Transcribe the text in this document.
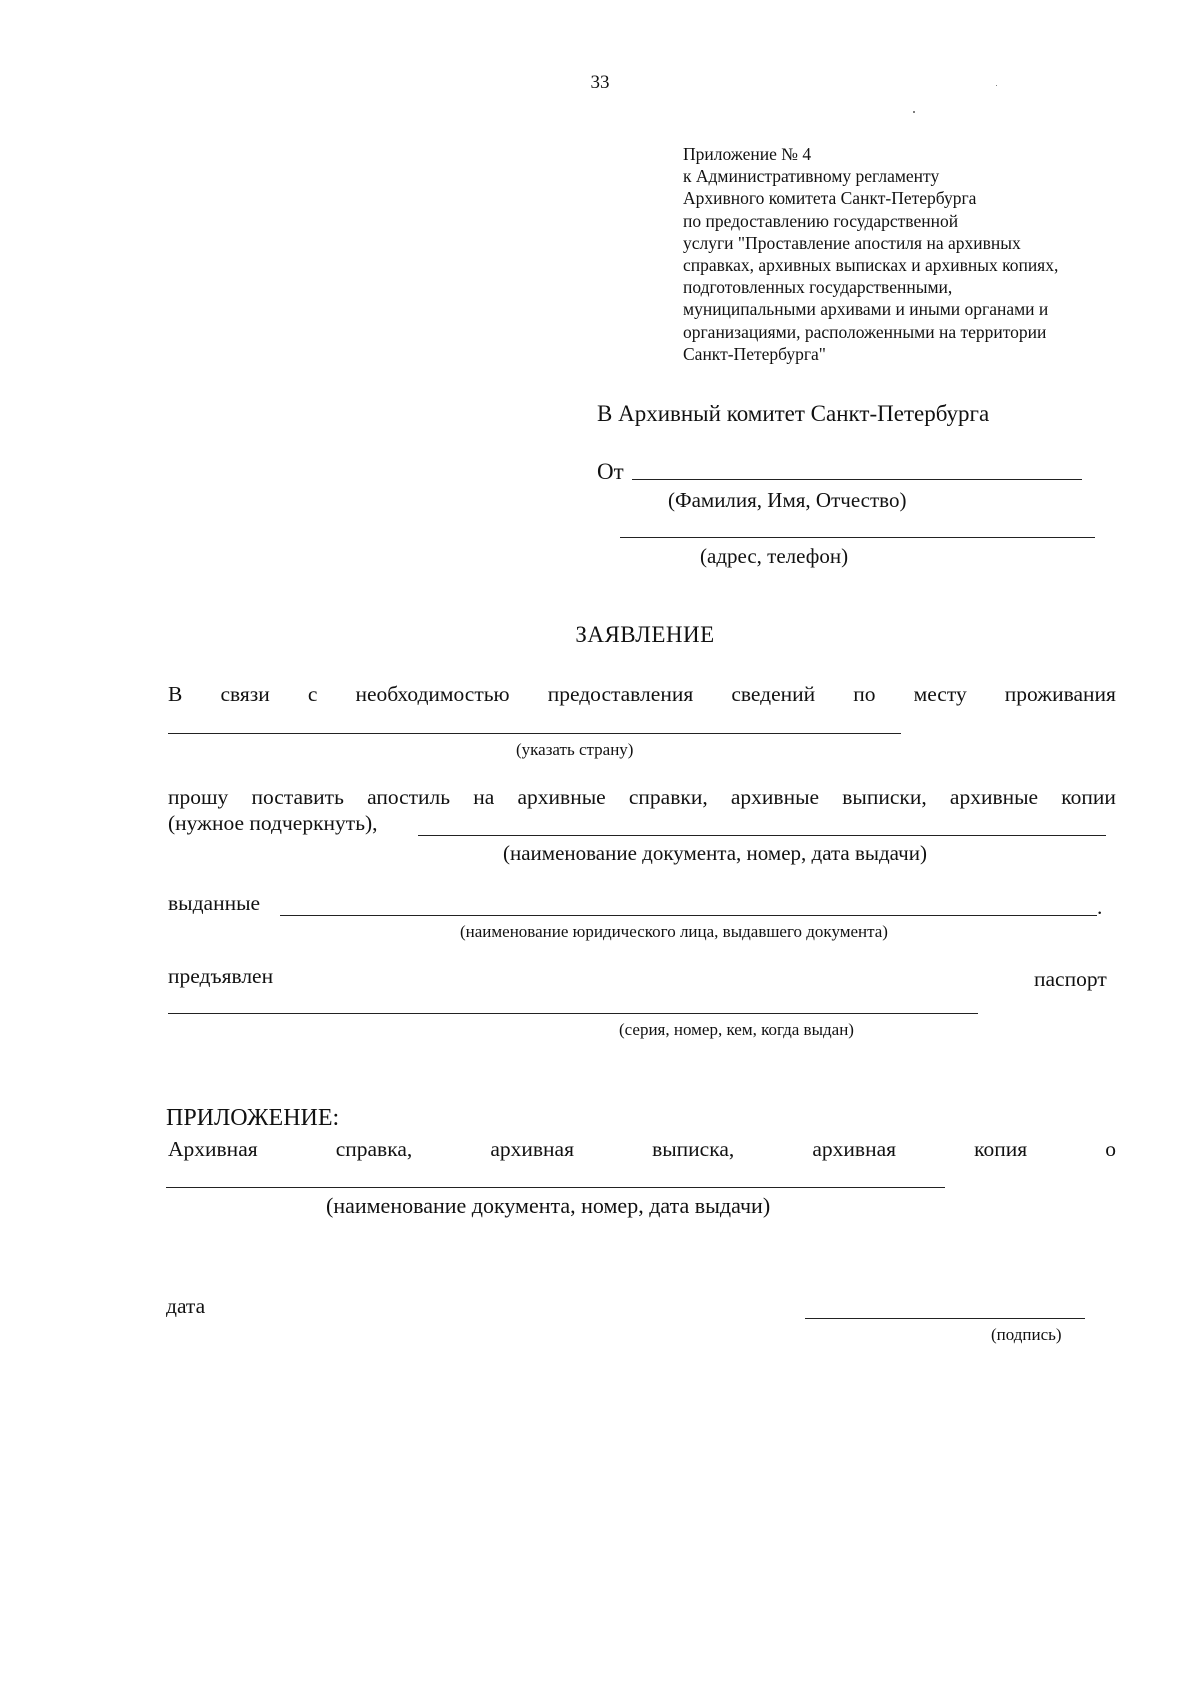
33
Приложение № 4
к Административному регламенту
Архивного комитета Санкт-Петербурга
по предоставлению государственной
услуги "Проставление апостиля на архивных
справках, архивных выписках и архивных копиях,
подготовленных государственными,
муниципальными архивами и иными органами и
организациями, расположенными на территории
Санкт-Петербурга"
В Архивный комитет Санкт-Петербурга
От
(Фамилия, Имя, Отчество)
(адрес, телефон)
ЗАЯВЛЕНИЕ
В связи с необходимостью предоставления сведений по месту проживания
(указать страну)
прошу поставить апостиль на архивные справки, архивные выписки, архивные копии
(нужное подчеркнуть),
(наименование документа, номер, дата выдачи)
выданные	.
(наименование юридического лица, выдавшего документа)
предъявлен	паспорт
(серия, номер, кем, когда выдан)
ПРИЛОЖЕНИЕ:
Архивная	справка,	архивная	выписка,	архивная	копия	о
(наименование документа, номер, дата выдачи)
дата
(подпись)
